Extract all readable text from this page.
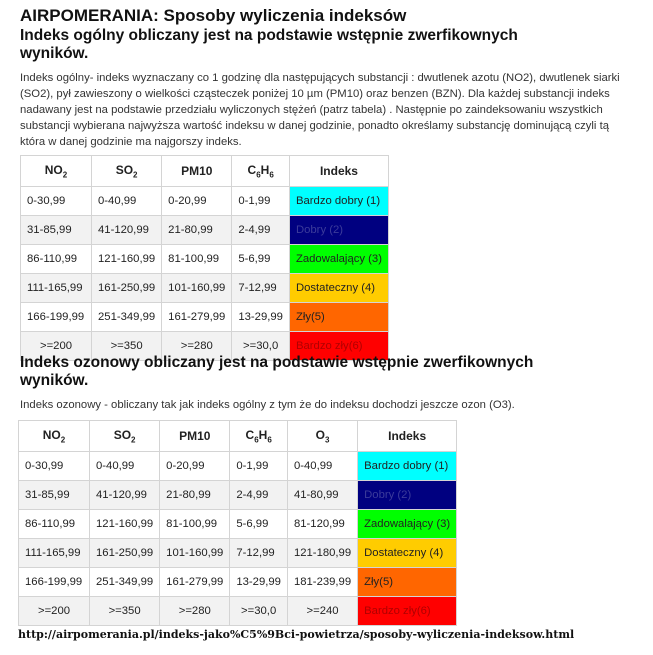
AIRPOMERANIA: Sposoby wyliczenia indeksów
Indeks ogólny obliczany jest na podstawie wstępnie zwerfikownych wyników.
Indeks ogólny- indeks wyznaczany co 1 godzinę dla następujących substancji : dwutlenek azotu (NO2), dwutlenek siarki (SO2), pył zawieszony o wielkości cząsteczek poniżej 10 µm (PM10) oraz benzen (BZN). Dla każdej substancji indeks nadawany jest na podstawie przedziału wyliczonych stężeń (patrz tabela) . Następnie po zaindeksowaniu wszystkich substancji wybierana najwyższa wartość indeksu w danej godzinie, ponadto określamy substancję dominującą czyli tą która w danej godzinie ma najgorszy indeks.
$NO_2$	$SO_2$	PM10	$C_6H_6$	Indeks
0-30,99	0-40,99	0-20,99	0-1,99	Bardzo dobry (1)
31-85,99	41-120,99	21-80,99	2-4,99	Dobry (2)
86-110,99	121-160,99	81-100,99	5-6,99	Zadowalający (3)
111-165,99	161-250,99	101-160,99	7-12,99	Dostateczny (4)
166-199,99	251-349,99	161-279,99	13-29,99	Zły(5)
>=200	>=350	>=280	>=30,0	Bardzo zły(6)
Indeks ozonowy obliczany jest na podstawie wstępnie zwerfikownych wyników.
Indeks ozonowy - obliczany tak jak indeks ogólny z tym że do indeksu dochodzi jeszcze ozon (O3).
$NO_2$	$SO_2$	PM10	$C_6H_6$	$O_3$	Indeks
0-30,99	0-40,99	0-20,99	0-1,99	0-40,99	Bardzo dobry (1)
31-85,99	41-120,99	21-80,99	2-4,99	41-80,99	Dobry (2)
86-110,99	121-160,99	81-100,99	5-6,99	81-120,99	Zadowalający (3)
111-165,99	161-250,99	101-160,99	7-12,99	121-180,99	Dostateczny (4)
166-199,99	251-349,99	161-279,99	13-29,99	181-239,99	Zły(5)
>=200	>=350	>=280	>=30,0	>=240	Bardzo zły(6)
http://airpomerania.pl/indeks-jako%C5%9Bci-powietrza/sposoby-wyliczenia-indeksow.html
